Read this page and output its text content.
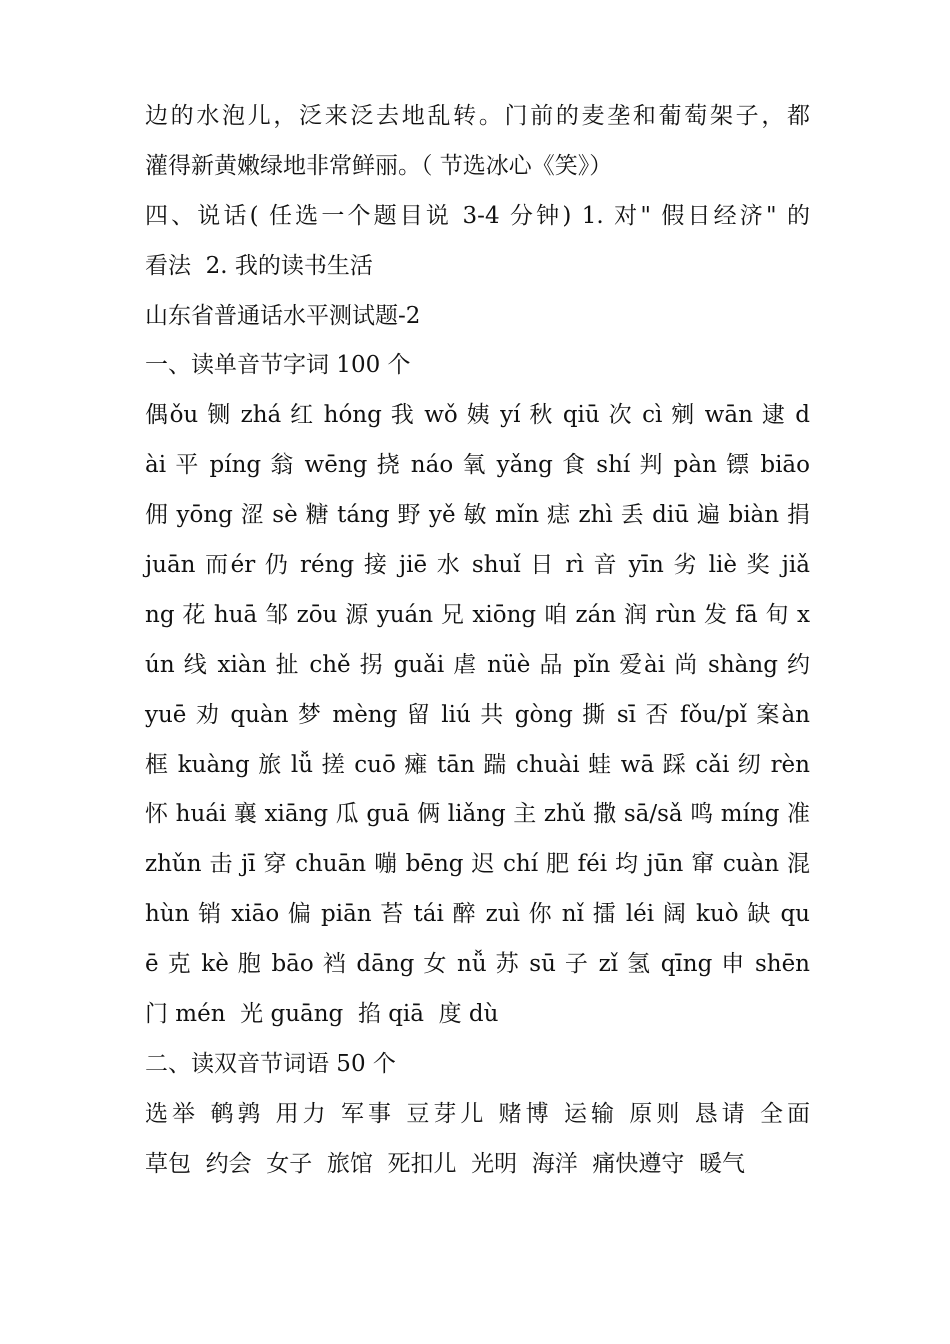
边的水泡儿，泛来泛去地乱转。门前的麦垄和葡萄架子，都
灌得新黄嫩绿地非常鲜丽。（ 节选冰心《笑》）
四、说话( 任选一个题目说 3-4 分钟) 1. 对" 假日经济" 的
看法  2. 我的读书生活
山东省普通话水平测试题-2
一、读单音节字词 100 个
偶ǒu 铡 zhá 红 hóng 我 wǒ 姨 yí 秋 qiū 次 cì 剜 wān 逮 d
ài 平 píng 翁 wēng 挠 náo 氧 yǎng 食 shí 判 pàn 镖 biāo
佣 yōng 涩 sè 糖 táng 野 yě 敏 mǐn 痣 zhì 丢 diū 遍 biàn 捐
juān 而ér 仍 réng 接 jiē 水 shuǐ 日 rì 音 yīn 劣 liè 奖 jiǎ
ng 花 huā 邹 zōu 源 yuán 兄 xiōng 咱 zán 润 rùn 发 fā 旬 x
ún 线 xiàn 扯 chě 拐 guǎi 虐 nüè 品 pǐn 爱ài 尚 shàng 约
yuē 劝 quàn 梦 mèng 留 liú 共 gòng 撕 sī 否 fǒu/pǐ 案àn
框 kuàng 旅 lǚ 搓 cuō 瘫 tān 踹 chuài 蛙 wā 踩 cǎi 纫 rèn
怀 huái 襄 xiāng 瓜 guā 俩 liǎng 主 zhǔ 撒 sā/sǎ 鸣 míng 准
zhǔn 击 jī 穿 chuān 嘣 bēng 迟 chí 肥 féi 均 jūn 窜 cuàn 混
hùn 销 xiāo 偏 piān 苔 tái 醉 zuì 你 nǐ 擂 léi 阔 kuò 缺 qu
ē 克 kè 胞 bāo 裆 dāng 女 nǚ 苏 sū 子 zǐ 氢 qīng 申 shēn
门 mén  光 guāng  掐 qiā  度 dù
二、读双音节词语 50 个
选举 鹌鹑 用力 军事 豆芽儿 赌博 运输 原则 恳请 全面
草包  约会  女子  旅馆  死扣儿  光明  海洋  痛快遵守  暖气
